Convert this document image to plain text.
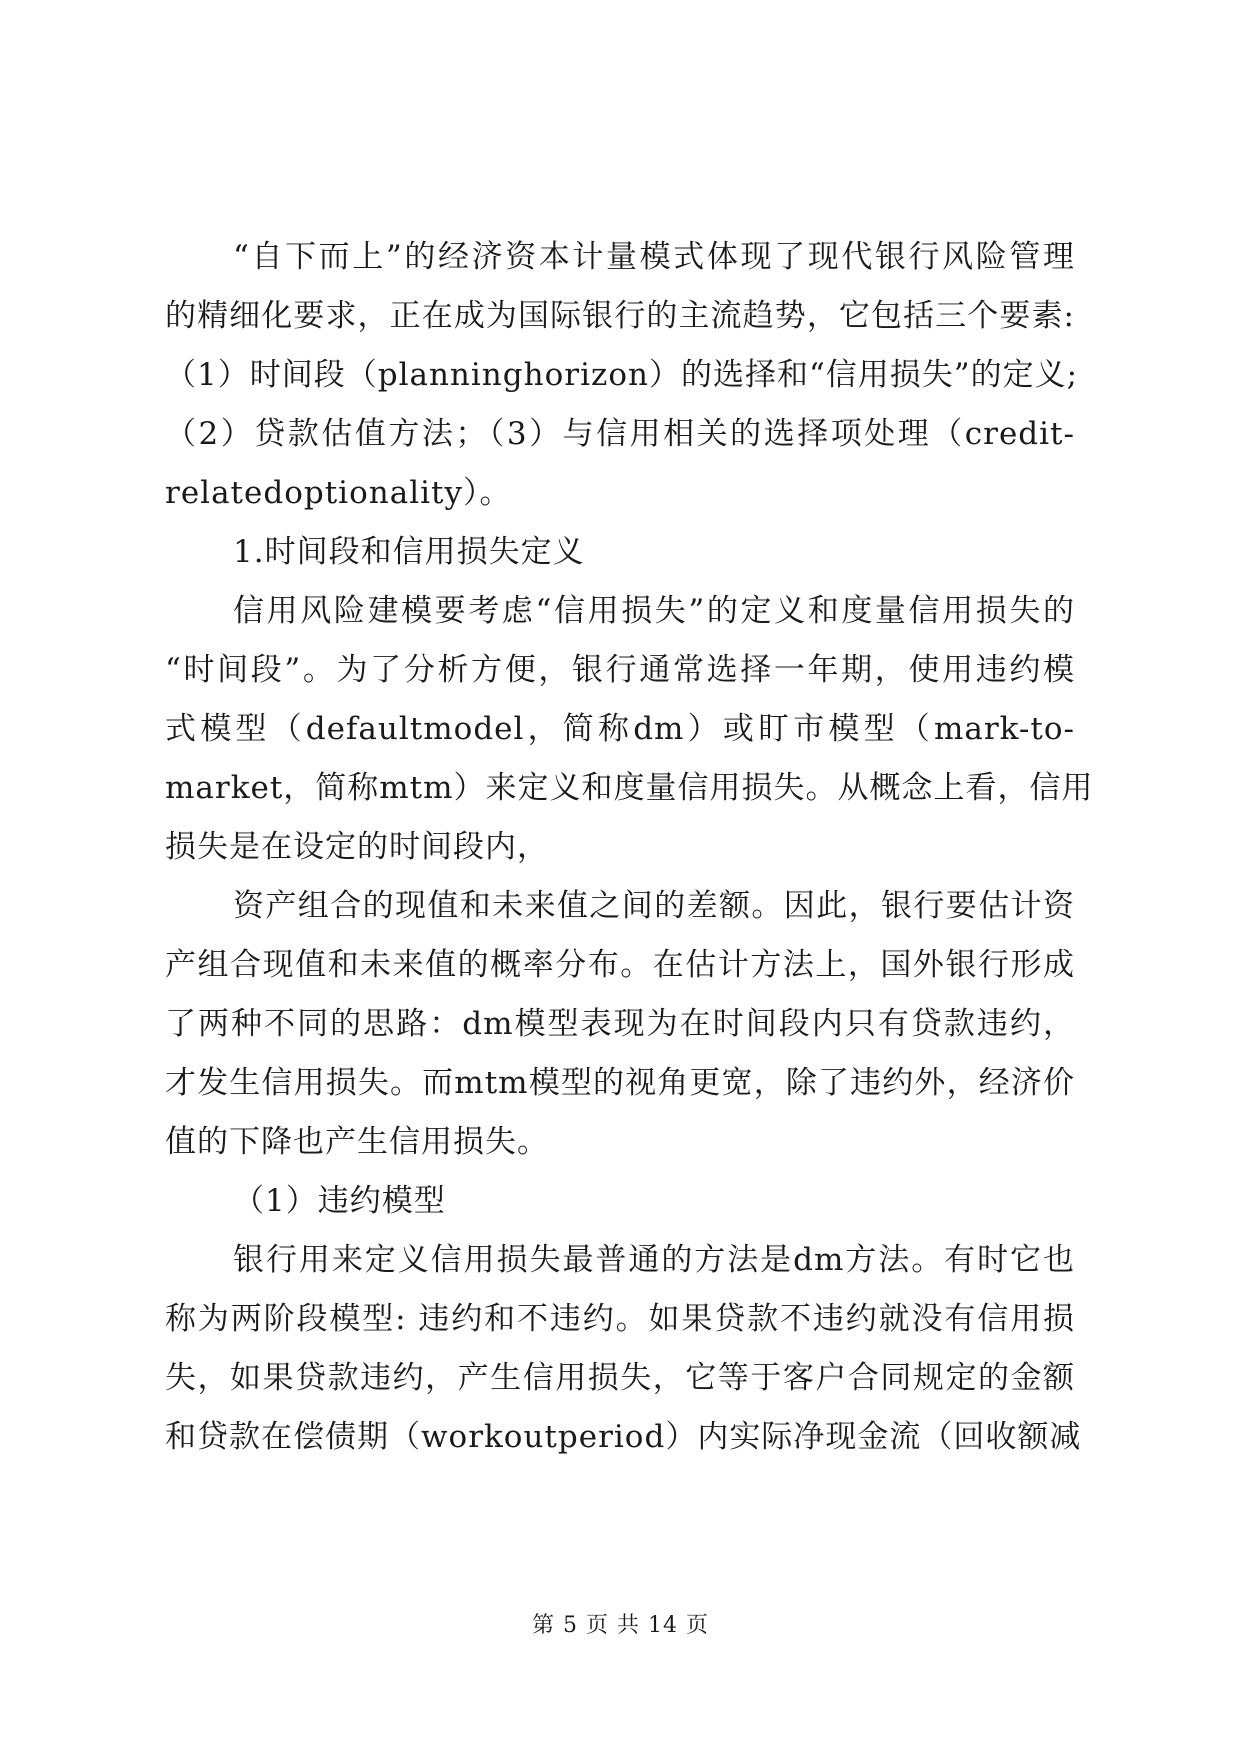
“自下而上”的经济资本计量模式体现了现代银行风险管理
的精细化要求，正在成为国际银行的主流趋势，它包括三个要素:
（1）时间段（planninghorizon）的选择和“信用损失”的定义;
（2）贷款估值方法；（3）与信用相关的选择项处理（credit-
relatedoptionality）。
1.时间段和信用损失定义
信用风险建模要考虑“信用损失”的定义和度量信用损失的
“时间段”。为了分析方便，银行通常选择一年期，使用违约模
式模型（defaultmodel，简称dm）或盯市模型（mark-to-
market，简称mtm）来定义和度量信用损失。从概念上看，信用
损失是在设定的时间段内，
资产组合的现值和未来值之间的差额。因此，银行要估计资
产组合现值和未来值的概率分布。在估计方法上，国外银行形成
了两种不同的思路：dm模型表现为在时间段内只有贷款违约，
才发生信用损失。而mtm模型的视角更宽，除了违约外，经济价
值的下降也产生信用损失。
（1）违约模型
银行用来定义信用损失最普通的方法是dm方法。有时它也
称为两阶段模型: 违约和不违约。如果贷款不违约就没有信用损
失，如果贷款违约，产生信用损失，它等于客户合同规定的金额
和贷款在偿债期（workoutperiod）内实际净现金流（回收额减
第 5 页 共 14 页
